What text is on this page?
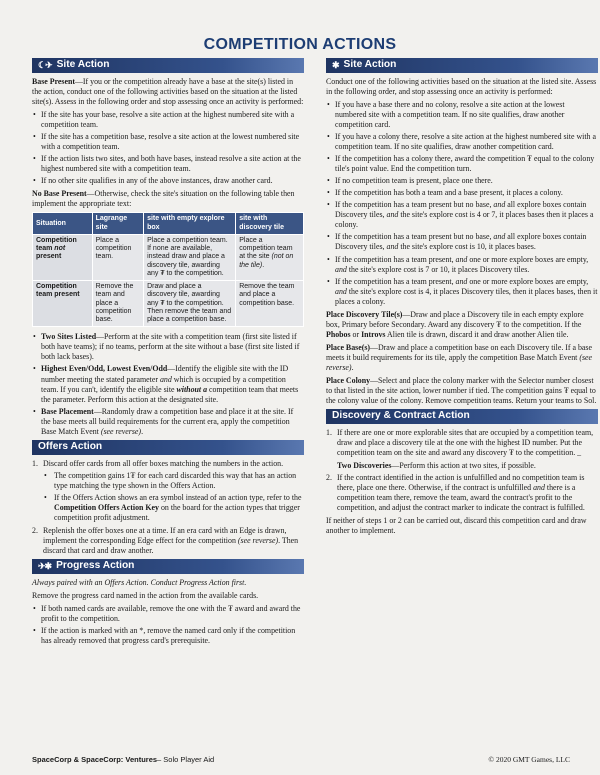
COMPETITION ACTIONS
☾✈ Site Action

Base Present—If you or the competition already have a base at the site(s) listed in the action, conduct one of the following activities based on the situation at the listed site(s). Assess in the following order and stop assessing once an activity is performed:

• If the site has your base, resolve a site action at the highest numbered site with a competition team.
• If the site has a competition base, resolve a site action at the lowest numbered site with a competition team.
• If the action lists two sites, and both have bases, instead resolve a site action at the highest numbered site with a competition team.
• If no other site qualifies in any of the above instances, draw another card.

No Base Present—Otherwise, check the site's situation on the following table then implement the appropriate text:

Situation	Lagrange site	site with empty explore box	site with discovery tile
Competition team not present	Place a competition team.	Place a competition team. If none are available, instead draw and place a discovery tile, awarding any ₮ to the competition.	Place a competition team at the site (not on the tile).
Competition team present	Remove the team and place a competition base.	Draw and place a discovery tile, awarding any ₮ to the competition. Then remove the team and place a competition base.	Remove the team and place a competition base.
• Two Sites Listed—Perform at the site with a competition team (first site listed if both have teams); if no teams, perform at the site without a base (first site listed if both lack bases).
• Highest Even/Odd, Lowest Even/Odd—Identify the eligible site with the ID number meeting the stated parameter and which is occupied by a competition team. If you can't, identify the eligible site without a competition team that meets the parameter. Perform this action at the designated site.
• Base Placement—Randomly draw a competition base and place it at the site. If the base meets all build requirements for the current era, apply the competition Base Match Event (see reverse).
Offers Action
1. Discard offer cards from all offer boxes matching the numbers in the action.
• The competition gains 1₮ for each card discarded this way that has an action type matching the type shown in the Offers Action.
• If the Offers Action shows an era symbol instead of an action type, refer to the Competition Offers Action Key on the board for the action types that trigger competition profit adjustment.
2. Replenish the offer boxes one at a time. If an era card with an Edge is drawn, implement the corresponding Edge effect for the competition (see reverse). Then discard that card and draw another.
✈✱ Progress Action

Always paired with an Offers Action. Conduct Progress Action first.

Remove the progress card named in the action from the available cards.

• If both named cards are available, remove the one with the ₮ award and award the profit to the competition.
• If the action is marked with an *, remove the named card only if the competition has already removed that progress card's prerequisite.
✱ Site Action

Conduct one of the following activities based on the situation at the listed site. Assess in the following order, and stop assessing once an activity is performed:

• If you have a base there and no colony, resolve a site action at the lowest numbered site with a competition team. If no site qualifies, draw another competition card.
• If you have a colony there, resolve a site action at the highest numbered site with a competition team. If no site qualifies, draw another competition card.
• If the competition has a colony there, award the competition ₮ equal to the colony tile's point value. End the competition turn.
• If no competition team is present, place one there.
• If the competition has both a team and a base present, it places a colony.
• If the competition has a team present but no base, and all explore boxes contain Discovery tiles, and the site's explore cost is 4 or 7, it places bases then it places a colony.
• If the competition has a team present but no base, and all explore boxes contain Discovery tiles, and the site's explore cost is 10, it places bases.
• If the competition has a team present, and one or more explore boxes are empty, and the site's explore cost is 7 or 10, it places Discovery tiles.
• If the competition has a team present, and one or more explore boxes are empty, and the site's explore cost is 4, it places Discovery tiles, then it places bases, then it places a colony.

Place Discovery Tile(s)—Draw and place a Discovery tile in each empty explore box, Primary before Secondary. Award any discovery ₮ to the competition. If the Phobos or Introvs Alien tile is drawn, discard it and draw another Alien tile.

Place Base(s)—Draw and place a competition base on each Discovery tile. If a base meets it build requirements for its tile, apply the competition Base Match Event (see reverse).

Place Colony—Select and place the colony marker with the Selector number closest to that listed in the site action, lower number if tied. The competition gains ₮ equal to the colony value of the colony. Remove competition teams. Return your teams to Sol.

Discovery & Contract Action
1. If there are one or more explorable sites that are occupied by a competition team, draw and place a discovery tile at the one with the highest ID number. Put the competition team on the site and award any discovery ₮ to the competition. _

Two Discoveries—Perform this action at two sites, if possible.

2. If the contract identified in the action is unfulfilled and no competition team is there, place one there. Otherwise, if the contract is unfulfilled and there is a competition team there, remove the team, award the contract's profit to the competition, and adjust the contract marker to indicate the contract is fulfilled.

If neither of steps 1 or 2 can be carried out, discard this competition card and draw another to implement.

SpaceCorp & SpaceCorp: Ventures– Solo Player Aid	© 2020 GMT Games, LLC
